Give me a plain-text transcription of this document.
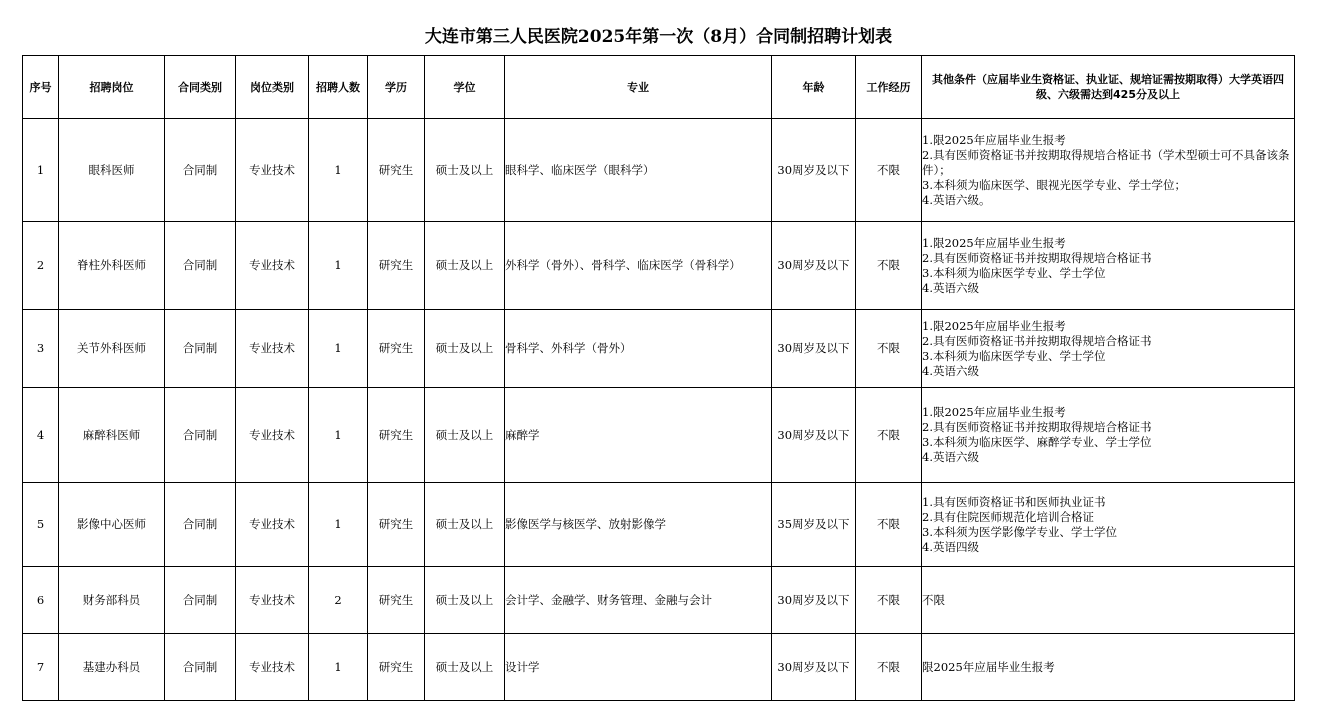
大连市第三人民医院2025年第一次（8月）合同制招聘计划表
序号	招聘岗位	合同类别	岗位类别	招聘人数	学历	学位	专业	年龄	工作经历	其他条件（应届毕业生资格证、执业证、规培证需按期取得）大学英语四级、六级需达到425分及以上
1	眼科医师	合同制	专业技术	1	研究生	硕士及以上	眼科学、临床医学（眼科学）	30周岁及以下	不限	1.限2025年应届毕业生报考
2.具有医师资格证书并按期取得规培合格证书（学术型硕士可不具备该条件）；
3.本科须为临床医学、眼视光医学专业、学士学位；
4.英语六级。

2	脊柱外科医师	合同制	专业技术	1	研究生	硕士及以上	外科学（骨外）、骨科学、临床医学（骨科学）	30周岁及以下	不限	1.限2025年应届毕业生报考
2.具有医师资格证书并按期取得规培合格证书
3.本科须为临床医学专业、学士学位
4.英语六级

3	关节外科医师	合同制	专业技术	1	研究生	硕士及以上	骨科学、外科学（骨外）	30周岁及以下	不限	1.限2025年应届毕业生报考
2.具有医师资格证书并按期取得规培合格证书
3.本科须为临床医学专业、学士学位
4.英语六级

4	麻醉科医师	合同制	专业技术	1	研究生	硕士及以上	麻醉学	30周岁及以下	不限	1.限2025年应届毕业生报考
2.具有医师资格证书并按期取得规培合格证书
3.本科须为临床医学、麻醉学专业、学士学位
4.英语六级

5	影像中心医师	合同制	专业技术	1	研究生	硕士及以上	影像医学与核医学、放射影像学	35周岁及以下	不限	1.具有医师资格证书和医师执业证书
2.具有住院医师规范化培训合格证
3.本科须为医学影像学专业、学士学位
4.英语四级

6	财务部科员	合同制	专业技术	2	研究生	硕士及以上	会计学、金融学、财务管理、金融与会计	30周岁及以下	不限	不限

7	基建办科员	合同制	专业技术	1	研究生	硕士及以上	设计学	30周岁及以下	不限	限2025年应届毕业生报考
